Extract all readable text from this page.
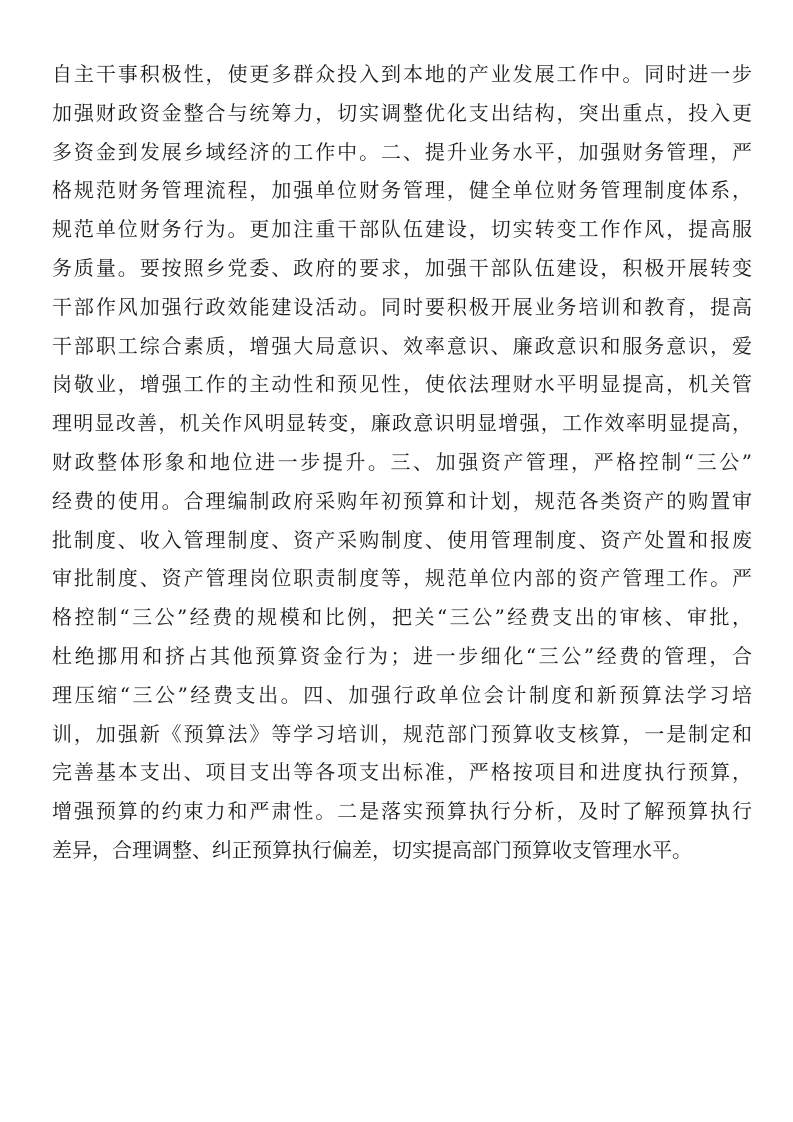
自主干事积极性，使更多群众投入到本地的产业发展工作中。同时进一步
加强财政资金整合与统筹力，切实调整优化支出结构，突出重点，投入更
多资金到发展乡域经济的工作中。二、提升业务水平，加强财务管理，严
格规范财务管理流程，加强单位财务管理，健全单位财务管理制度体系，
规范单位财务行为。更加注重干部队伍建设，切实转变工作作风，提高服
务质量。要按照乡党委、政府的要求，加强干部队伍建设，积极开展转变
干部作风加强行政效能建设活动。同时要积极开展业务培训和教育，提高
干部职工综合素质，增强大局意识、效率意识、廉政意识和服务意识，爱
岗敬业，增强工作的主动性和预见性，使依法理财水平明显提高，机关管
理明显改善，机关作风明显转变，廉政意识明显增强，工作效率明显提高，
财政整体形象和地位进一步提升。三、加强资产管理，严格控制“三公”
经费的使用。合理编制政府采购年初预算和计划，规范各类资产的购置审
批制度、收入管理制度、资产采购制度、使用管理制度、资产处置和报废
审批制度、资产管理岗位职责制度等，规范单位内部的资产管理工作。严
格控制“三公”经费的规模和比例，把关“三公”经费支出的审核、审批，
杜绝挪用和挤占其他预算资金行为；进一步细化“三公”经费的管理，合
理压缩“三公”经费支出。四、加强行政单位会计制度和新预算法学习培
训，加强新《预算法》等学习培训，规范部门预算收支核算，一是制定和
完善基本支出、项目支出等各项支出标准，严格按项目和进度执行预算，
增强预算的约束力和严肃性。二是落实预算执行分析，及时了解预算执行
差异，合理调整、纠正预算执行偏差，切实提高部门预算收支管理水平。
